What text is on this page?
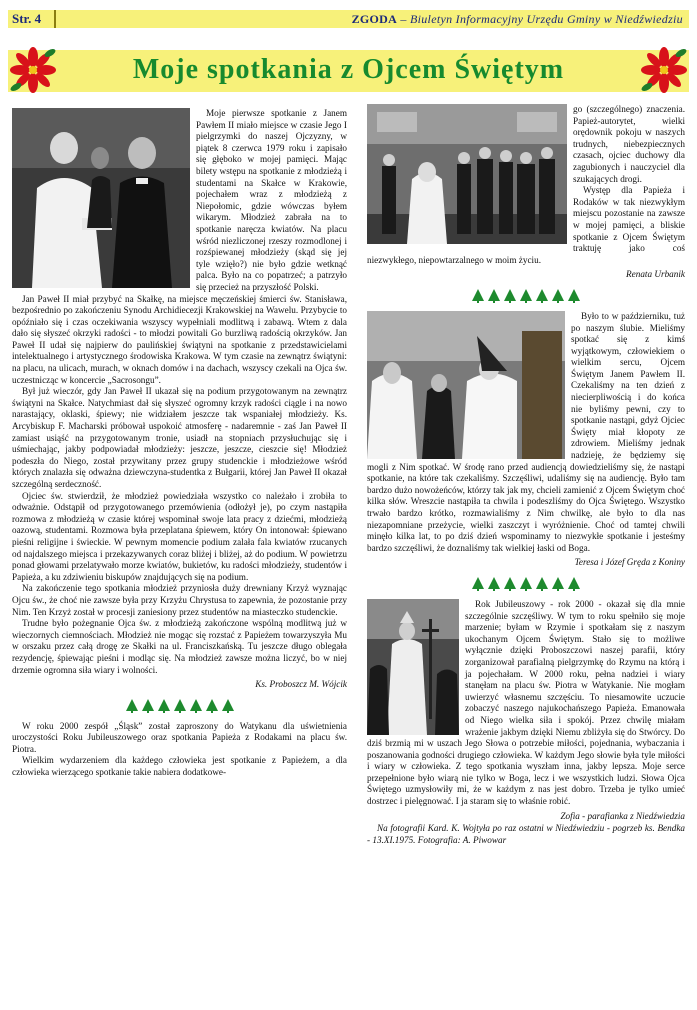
Str. 4	ZGODA – Biuletyn Informacyjny Urzędu Gminy w Niedźwiedziu
Moje spotkania z Ojcem Świętym

Moje pierwsze spotkanie z Janem Pawłem II miało miejsce w czasie Jego I pielgrzymki do naszej Ojczyzny, w piątek 8 czerwca 1979 roku i zapisało się głęboko w mojej pamięci. Mając bilety wstępu na spotkanie z młodzieżą i studentami na Skałce w Krakowie, pojechałem wraz z młodzieżą z Niepołomic, gdzie wówczas byłem wikarym. Młodzież zabrała na to spotkanie naręcza kwiatów. Na placu wśród niezliczonej rzeszy rozmodlonej i rozśpiewanej młodzieży (skąd się jej tyle wzięło?) nie było gdzie wetknąć palca. Było na co popatrzeć; a patrzyło się przecież na przyszłość Polski.

Jan Paweł II miał przybyć na Skałkę, na miejsce męczeńskiej śmierci św. Stanisława, bezpośrednio po zakończeniu Synodu Archidiecezji Krakowskiej na Wawelu. Przybycie to opóźniało się i czas oczekiwania wszyscy wypełniali modlitwą i zabawą. Wtem z dala dało się słyszeć okrzyki radości - to młodzi powitali Go burzliwą radością okrzyków. Jan Paweł II udał się najpierw do paulińskiej świątyni na spotkanie z przedstawicielami intelektualnego i artystycznego środowiska Krakowa. W tym czasie na zewnątrz świątyni: na placu, na ulicach, murach, w oknach domów i na dachach, wszyscy czekali na Ojca św. uczestnicząc w koncercie „Sacrosongu”.

Był już wieczór, gdy Jan Paweł II ukazał się na podium przygotowanym na zewnątrz świątyni na Skałce. Natychmiast dał się słyszeć ogromny krzyk radości ciągle i na nowo narastający, oklaski, śpiewy; nie widziałem jeszcze tak wspaniałej młodzieży. Ks. Arcybiskup F. Macharski próbował uspokoić atmosferę - nadaremnie - zaś Jan Paweł II zamiast usiąść na przygotowanym tronie, usiadł na stopniach przysłuchując się i uśmiechając, jakby podpowiadał młodzieży: jeszcze, jeszcze, cieszcie się! Młodzież podeszła do Niego, został przywitany przez grupy studenckie i młodzieżowe wśród których znalazła się odważna dziewczyna-studentka z Bułgarii, której Jan Paweł II okazał szczególną serdeczność.

Ojciec św. stwierdził, że młodzież powiedziała wszystko co należało i zrobiła to odważnie. Odstąpił od przygotowanego przemówienia (odłożył je), po czym nastąpiła rozmowa z młodzieżą w czasie której wspominał swoje lata pracy z dziećmi, młodzieżą oazową, studentami. Rozmowa była przeplatana śpiewem, który On intonował: śpiewano pieśni religijne i świeckie. W pewnym momencie podium zalała fala kwiatów rzucanych od najdalszego miejsca i przekazywanych coraz bliżej i bliżej, aż do podium. W powietrzu ponad głowami przelatywało morze kwiatów, bukietów, ku radości młodzieży, studentów i Papieża, a ku zdziwieniu biskupów znajdujących się na podium.

Na zakończenie tego spotkania młodzież przyniosła duży drewniany Krzyż wyznając Ojcu św., że choć nie zawsze była przy Krzyżu Chrystusa to zapewnia, że pozostanie przy Nim. Ten Krzyż został w procesji zaniesiony przez studentów na miasteczko studenckie.

Trudne było pożegnanie Ojca św. z młodzieżą zakończone wspólną modlitwą już w wieczornych ciemnościach. Młodzież nie mogąc się rozstać z Papieżem towarzyszyła Mu w orszaku przez całą drogę ze Skałki na ul. Franciszkańską. Tu jeszcze długo oblegała rezydencję, śpiewając pieśni i modląc się. Na młodzież zawsze można liczyć, bo w niej drzemie ogromna siła wiary i wolności.

Ks. Proboszcz M. Wójcik

W roku 2000 zespół „Śląsk” został zaproszony do Watykanu dla uświetnienia uroczystości Roku Jubileuszowego oraz spotkania Papieża z Rodakami na placu św. Piotra.

Wielkim wydarzeniem dla każdego człowieka jest spotkanie z Papieżem, a dla człowieka wierzącego spotkanie takie nabiera dodatkowe-

go (szczególnego) znaczenia. Papież-autorytet, wielki orędownik pokoju w naszych trudnych, niebezpiecznych czasach, ojciec duchowy dla zagubionych i nauczyciel dla szukających drogi.

Występ dla Papieża i Rodaków w tak niezwykłym miejscu pozostanie na zawsze w mojej pamięci, a bliskie spotkanie z Ojcem Świętym traktuję jako coś niezwykłego, niepowtarzalnego w moim życiu.

Renata Urbanik

Było to w październiku, tuż po naszym ślubie. Mieliśmy spotkać się z kimś wyjątkowym, człowiekiem o wielkim sercu, Ojcem Świętym Janem Pawłem II. Czekaliśmy na ten dzień z niecierpliwością i do końca nie byliśmy pewni, czy to spotkanie nastąpi, gdyż Ojciec Święty miał kłopoty ze zdrowiem. Mieliśmy jednak nadzieję, że będziemy się mogli z Nim spotkać. W środę rano przed audiencją dowiedzieliśmy się, że nastąpi spotkanie, na które tak czekaliśmy. Szczęśliwi, udaliśmy się na audiencję. Było tam bardzo dużo nowożeńców, którzy tak jak my, chcieli zamienić z Ojcem Świętym choć kilka słów. Wreszcie nastąpiła ta chwila i podeszliśmy do Ojca Świętego. Wszystko trwało bardzo krótko, rozmawialiśmy z Nim chwilkę, ale było to dla nas niezapomniane przeżycie, wielki zaszczyt i wyróżnienie. Choć od tamtej chwili minęło kilka lat, to po dziś dzień wspominamy to niezwykłe spotkanie i jesteśmy bardzo szczęśliwi, że doznaliśmy tak wielkiej łaski od Boga.

Teresa i Józef Gręda z Koniny

Rok Jubileuszowy - rok 2000 - okazał się dla mnie szczególnie szczęśliwy. W tym to roku spełniło się moje marzenie; byłam w Rzymie i spotkałam się z naszym ukochanym Ojcem Świętym. Stało się to możliwe wyłącznie dzięki Proboszczowi naszej parafii, który zorganizował parafialną pielgrzymkę do Rzymu na którą i ja pojechałam. W 2000 roku, pełna nadziei i wiary stanęłam na placu św. Piotra w Watykanie. Nie mogłam uwierzyć własnemu szczęściu. To niesamowite uczucie zobaczyć naszego najukochańszego Papieża. Emanowała od Niego wielka siła i spokój. Przez chwilę miałam wrażenie jakbym dzięki Niemu zbliżyła się do Stwórcy. Do dziś brzmią mi w uszach Jego Słowa o potrzebie miłości, pojednania, wybaczania i poszanowania godności drugiego człowieka. W każdym Jego słowie była tyle miłości i wiary w człowieka. Z tego spotkania wyszłam inna, jakby lepsza. Moje serce przepełnione było wiarą nie tylko w Boga, lecz i we wszystkich ludzi. Słowa Ojca Świętego uzmysłowiły mi, że w każdym z nas jest dobro. Trzeba je tylko umieć dostrzec i pielęgnować. I ja staram się to właśnie robić.

Zofia - parafianka z Niedźwiedzia

Na fotografii Kard. K. Wojtyła po raz ostatni w Niedźwiedziu - pogrzeb ks. Bendka - 13.XI.1975. Fotografia: A. Piwowar
